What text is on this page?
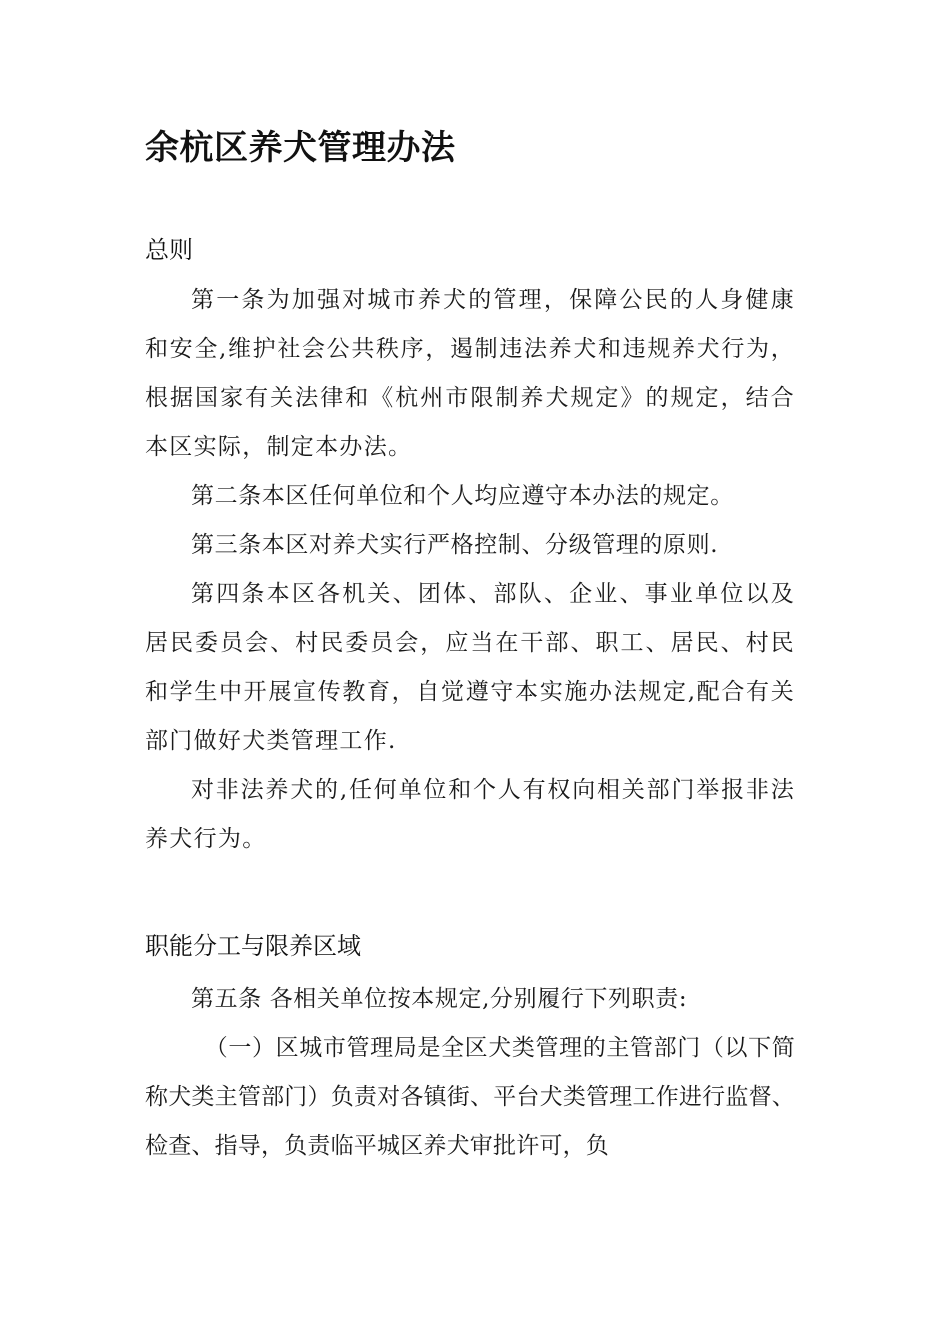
余杭区养犬管理办法
总则

第一条为加强对城市养犬的管理，保障公民的人身健康和安全,维护社会公共秩序，遏制违法养犬和违规养犬行为，根据国家有关法律和《杭州市限制养犬规定》的规定，结合本区实际，制定本办法。

第二条本区任何单位和个人均应遵守本办法的规定。

第三条本区对养犬实行严格控制、分级管理的原则.

第四条本区各机关、团体、部队、企业、事业单位以及居民委员会、村民委员会，应当在干部、职工、居民、村民和学生中开展宣传教育，自觉遵守本实施办法规定,配合有关部门做好犬类管理工作.

对非法养犬的,任何单位和个人有权向相关部门举报非法养犬行为。

职能分工与限养区域

第五条 各相关单位按本规定,分别履行下列职责:

（一）区城市管理局是全区犬类管理的主管部门（以下简称犬类主管部门）负责对各镇街、平台犬类管理工作进行监督、检查、指导，负责临平城区养犬审批许可，负
